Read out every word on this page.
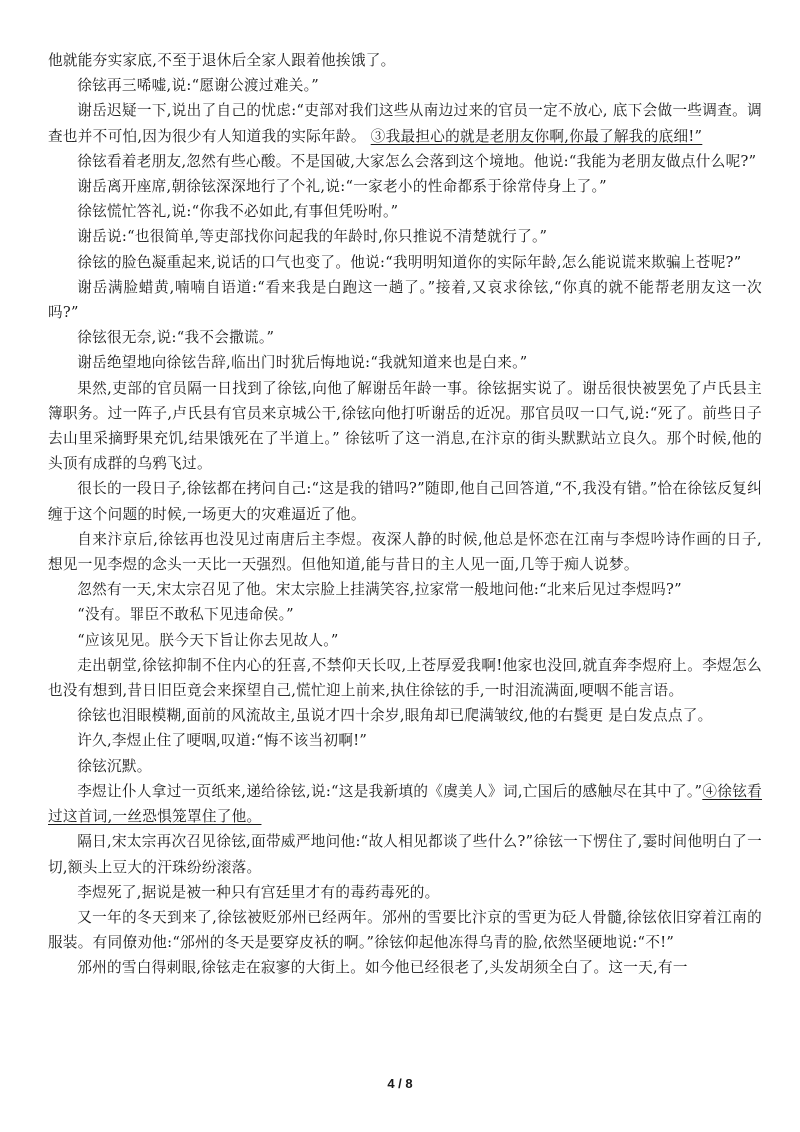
他就能夯实家底,不至于退休后全家人跟着他挨饿了。

徐铉再三唏嘘,说:“愿谢公渡过难关。”

谢岳迟疑一下,说出了自己的忧虑:“吏部对我们这些从南边过来的官员一定不放心, 底下会做一些调查。调查也并不可怕,因为很少有人知道我的实际年龄。 ③我最担心的就是老朋友你啊,你最了解我的底细!”

徐铉看着老朋友,忽然有些心酸。不是国破,大家怎么会落到这个境地。他说:“我能为老朋友做点什么呢?”

谢岳离开座席,朝徐铉深深地行了个礼,说:“一家老小的性命都系于徐常侍身上了。”

徐铉慌忙答礼,说:“你我不必如此,有事但凭吩咐。”

谢岳说:“也很简单,等吏部找你问起我的年龄时,你只推说不清楚就行了。”

徐铉的脸色凝重起来,说话的口气也变了。他说:“我明明知道你的实际年龄,怎么能说谎来欺骗上苍呢?”

谢岳满脸蜡黄,喃喃自语道:“看来我是白跑这一趟了。”接着,又哀求徐铉,“你真的就不能帮老朋友这一次吗?”

徐铉很无奈,说:“我不会撒谎。”

谢岳绝望地向徐铉告辞,临出门时犹后悔地说:“我就知道来也是白来。”

果然,吏部的官员隔一日找到了徐铉,向他了解谢岳年龄一事。徐铉据实说了。谢岳很快被罢免了卢氏县主簿职务。过一阵子,卢氏县有官员来京城公干,徐铉向他打听谢岳的近况。那官员叹一口气,说:“死了。前些日子去山里采摘野果充饥,结果饿死在了半道上。” 徐铉听了这一消息,在汴京的街头默默站立良久。那个时候,他的头顶有成群的乌鸦飞过。

很长的一段日子,徐铉都在拷问自己:“这是我的错吗?”随即,他自己回答道,“不,我没有错。”恰在徐铉反复纠缠于这个问题的时候,一场更大的灾难逼近了他。

自来汴京后,徐铉再也没见过南唐后主李煜。夜深人静的时候,他总是怀恋在江南与李煜吟诗作画的日子,想见一见李煜的念头一天比一天强烈。但他知道,能与昔日的主人见一面,几等于痴人说梦。

忽然有一天,宋太宗召见了他。宋太宗脸上挂满笑容,拉家常一般地问他:“北来后见过李煜吗?”

“没有。罪臣不敢私下见违命侯。”

“应该见见。朕今天下旨让你去见故人。”

走出朝堂,徐铉抑制不住内心的狂喜,不禁仰天长叹,上苍厚爱我啊!他家也没回,就直奔李煜府上。李煜怎么也没有想到,昔日旧臣竟会来探望自己,慌忙迎上前来,执住徐铉的手,一时泪流满面,哽咽不能言语。

徐铉也泪眼模糊,面前的风流故主,虽说才四十余岁,眼角却已爬满皱纹,他的右鬓更 是白发点点了。

许久,李煜止住了哽咽,叹道:“悔不该当初啊!”

徐铉沉默。

李煜让仆人拿过一页纸来,递给徐铉,说:“这是我新填的《虞美人》词,亡国后的感触尽在其中了。”④徐铉看过这首词,一丝恐惧笼罩住了他。

隔日,宋太宗再次召见徐铉,面带威严地问他:“故人相见都谈了些什么?”徐铉一下愣住了,霎时间他明白了一切,额头上豆大的汗珠纷纷滚落。

李煜死了,据说是被一种只有宫廷里才有的毒药毒死的。

又一年的冬天到来了,徐铉被贬邠州已经两年。邠州的雪要比汴京的雪更为砭人骨髓,徐铉依旧穿着江南的服装。有同僚劝他:“邠州的冬天是要穿皮袄的啊。”徐铉仰起他冻得乌青的脸,依然坚硬地说:“不!”

邠州的雪白得刺眼,徐铉走在寂寥的大街上。如今他已经很老了,头发胡须全白了。这一天,有一

4 / 8
